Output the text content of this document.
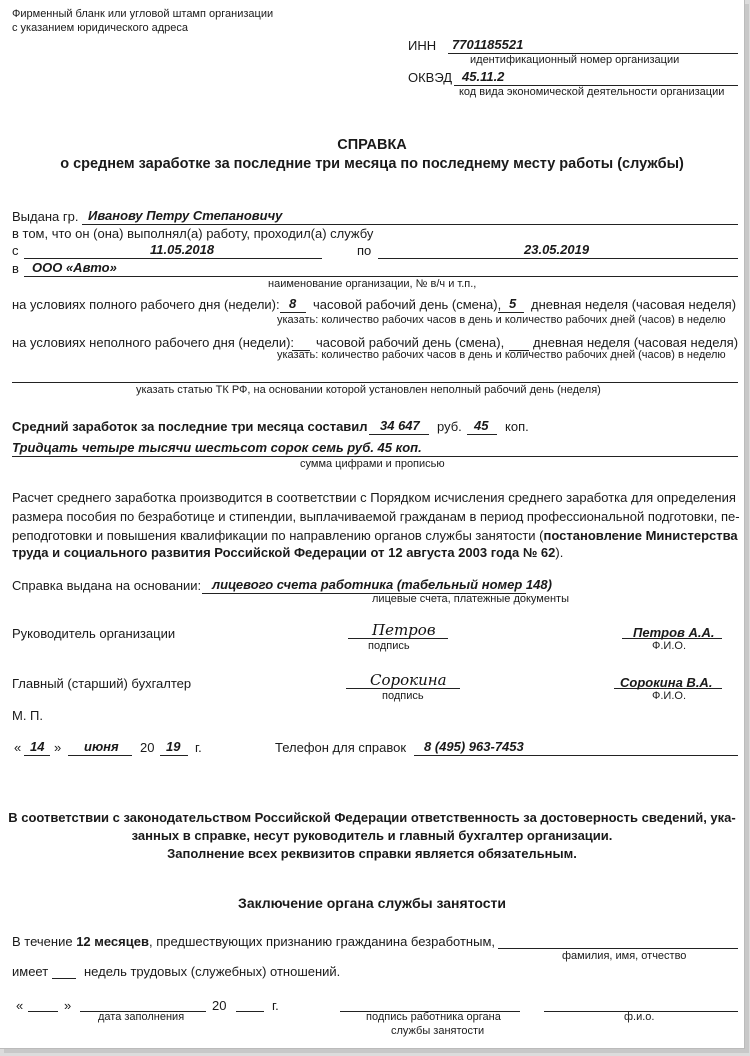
Фирменный бланк или угловой штамп организации
с указанием юридического адреса
ИНН 7701185521
идентификационный номер организации
ОКВЭД 45.11.2
код вида экономической деятельности организации
СПРАВКА
о среднем заработке за последние три месяца по последнему месту работы (службы)
Выдана гр. Иванову Петру Степановичу
в том, что он (она) выполнял(а) работу, проходил(а) службу
с	11.05.2018	по	23.05.2019
в ООО «Авто»
наименование организации, № в/ч и т.п.,
на условиях полного рабочего дня (недели): 8 часовой рабочий день (смена), 5 дневная неделя (часовая неделя)
указать: количество рабочих часов в день и количество рабочих дней (часов) в неделю
на условиях неполного рабочего дня (недели): часовой рабочий день (смена), дневная неделя (часовая неделя)
указать: количество рабочих часов в день и количество рабочих дней (часов) в неделю
указать статью ТК РФ, на основании которой установлен неполный рабочий день (неделя)
Средний заработок за последние три месяца составил 34 647 руб. 45 коп.
Тридцать четыре тысячи шестьсот сорок семь руб. 45 коп.
сумма цифрами и прописью
Расчет среднего заработка производится в соответствии с Порядком исчисления среднего заработка для определения
размера пособия по безработице и стипендии, выплачиваемой гражданам в период профессиональной подготовки, пе-
реподготовки и повышения квалификации по направлению органов службы занятости (постановление Министерства
труда и социального развития Российской Федерации от 12 августа 2003 года № 62).
Справка выдана на основании: лицевого счета работника (табельный номер 148)
лицевые счета, платежные документы
Руководитель организации	Петров
подпись
Петров А.А.
Ф.И.О.
Главный (старший) бухгалтер	Сорокина
подпись
Сорокина В.А.
Ф.И.О.
М. П.
« 14 » июня 20 19 г.	Телефон для справок 8 (495) 963-7453
В соответствии с законодательством Российской Федерации ответственность за достоверность сведений, ука-
занных в справке, несут руководитель и главный бухгалтер организации.
Заполнение всех реквизитов справки является обязательным.
Заключение органа службы занятости
В течение 12 месяцев, предшествующих признанию гражданина безработным,
фамилия, имя, отчество
имеет	недель трудовых (служебных) отношений.
«	»
дата заполнения
20	г.
подпись работника органа
службы занятости
ф.и.о.
